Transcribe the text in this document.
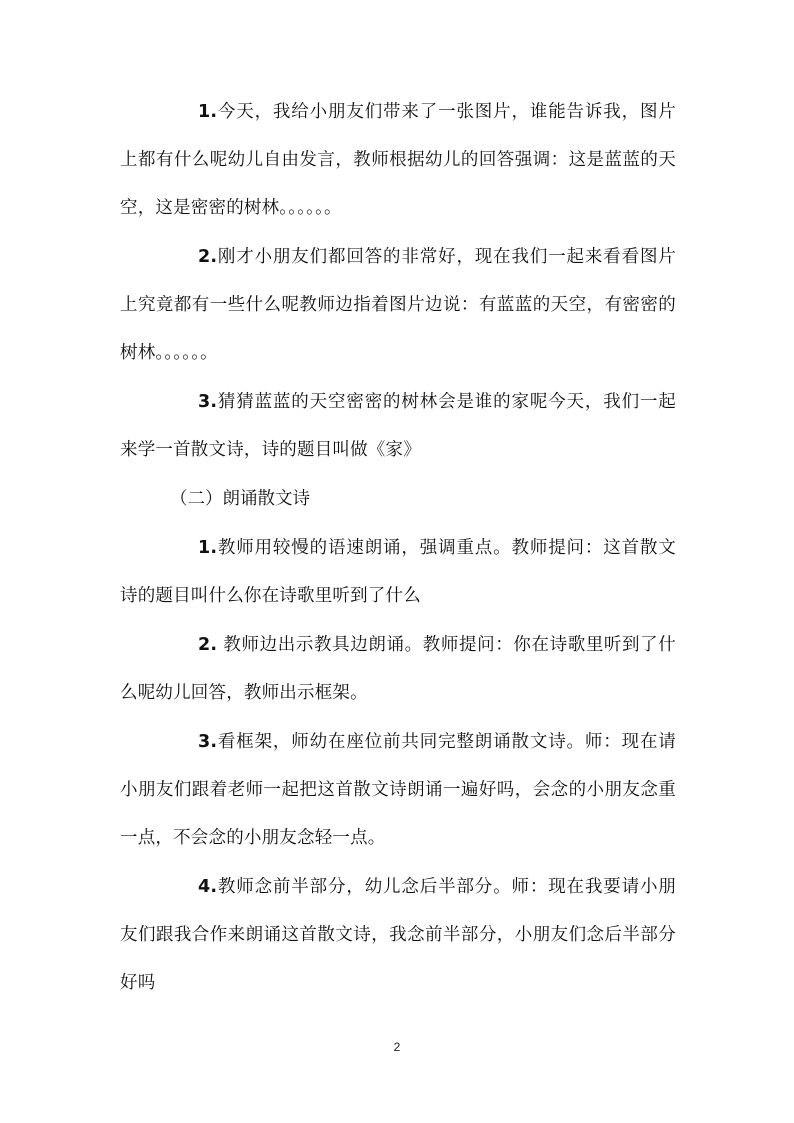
1.今天，我给小朋友们带来了一张图片，谁能告诉我，图片上都有什么呢幼儿自由发言，教师根据幼儿的回答强调：这是蓝蓝的天空，这是密密的树林。。。。。。

2.刚才小朋友们都回答的非常好，现在我们一起来看看图片上究竟都有一些什么呢教师边指着图片边说：有蓝蓝的天空，有密密的树林。。。。。。

3.猜猜蓝蓝的天空密密的树林会是谁的家呢今天，我们一起来学一首散文诗，诗的题目叫做《家》

（二）朗诵散文诗

1.教师用较慢的语速朗诵，强调重点。教师提问：这首散文诗的题目叫什么你在诗歌里听到了什么

2. 教师边出示教具边朗诵。教师提问：你在诗歌里听到了什么呢幼儿回答，教师出示框架。

3.看框架，师幼在座位前共同完整朗诵散文诗。师：现在请小朋友们跟着老师一起把这首散文诗朗诵一遍好吗，会念的小朋友念重一点，不会念的小朋友念轻一点。

4.教师念前半部分，幼儿念后半部分。师：现在我要请小朋友们跟我合作来朗诵这首散文诗，我念前半部分，小朋友们念后半部分好吗

2
